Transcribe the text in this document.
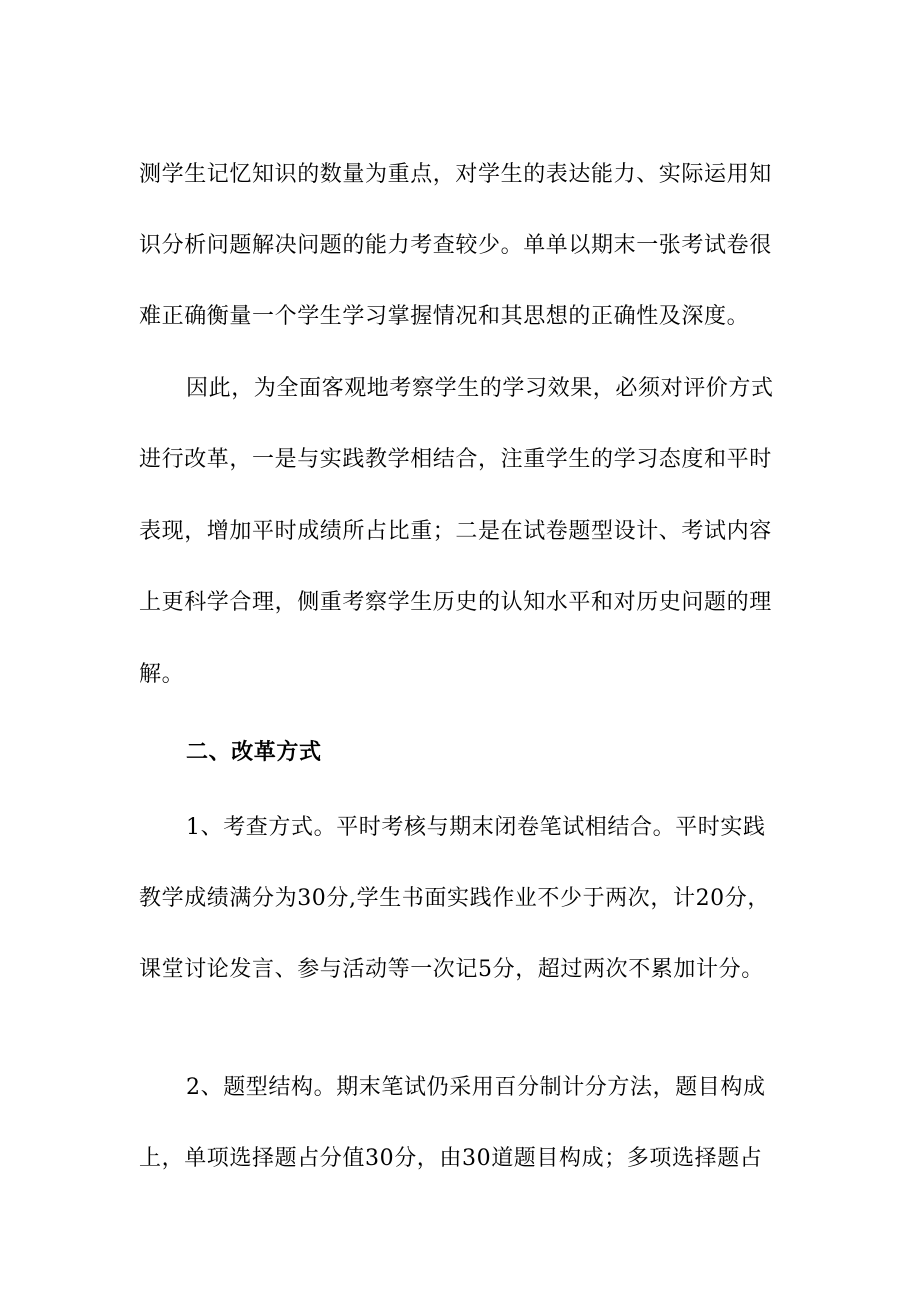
测学生记忆知识的数量为重点，对学生的表达能力、实际运用知
识分析问题解决问题的能力考查较少。单单以期末一张考试卷很
难正确衡量一个学生学习掌握情况和其思想的正确性及深度。
因此，为全面客观地考察学生的学习效果，必须对评价方式
进行改革，一是与实践教学相结合，注重学生的学习态度和平时
表现，增加平时成绩所占比重；二是在试卷题型设计、考试内容
上更科学合理，侧重考察学生历史的认知水平和对历史问题的理
解。
二、改革方式
1、考查方式。平时考核与期末闭卷笔试相结合。平时实践
教学成绩满分为30分,学生书面实践作业不少于两次，计20分，
课堂讨论发言、参与活动等一次记5分，超过两次不累加计分。
2、题型结构。期末笔试仍采用百分制计分方法，题目构成
上，单项选择题占分值30分，由30道题目构成；多项选择题占
